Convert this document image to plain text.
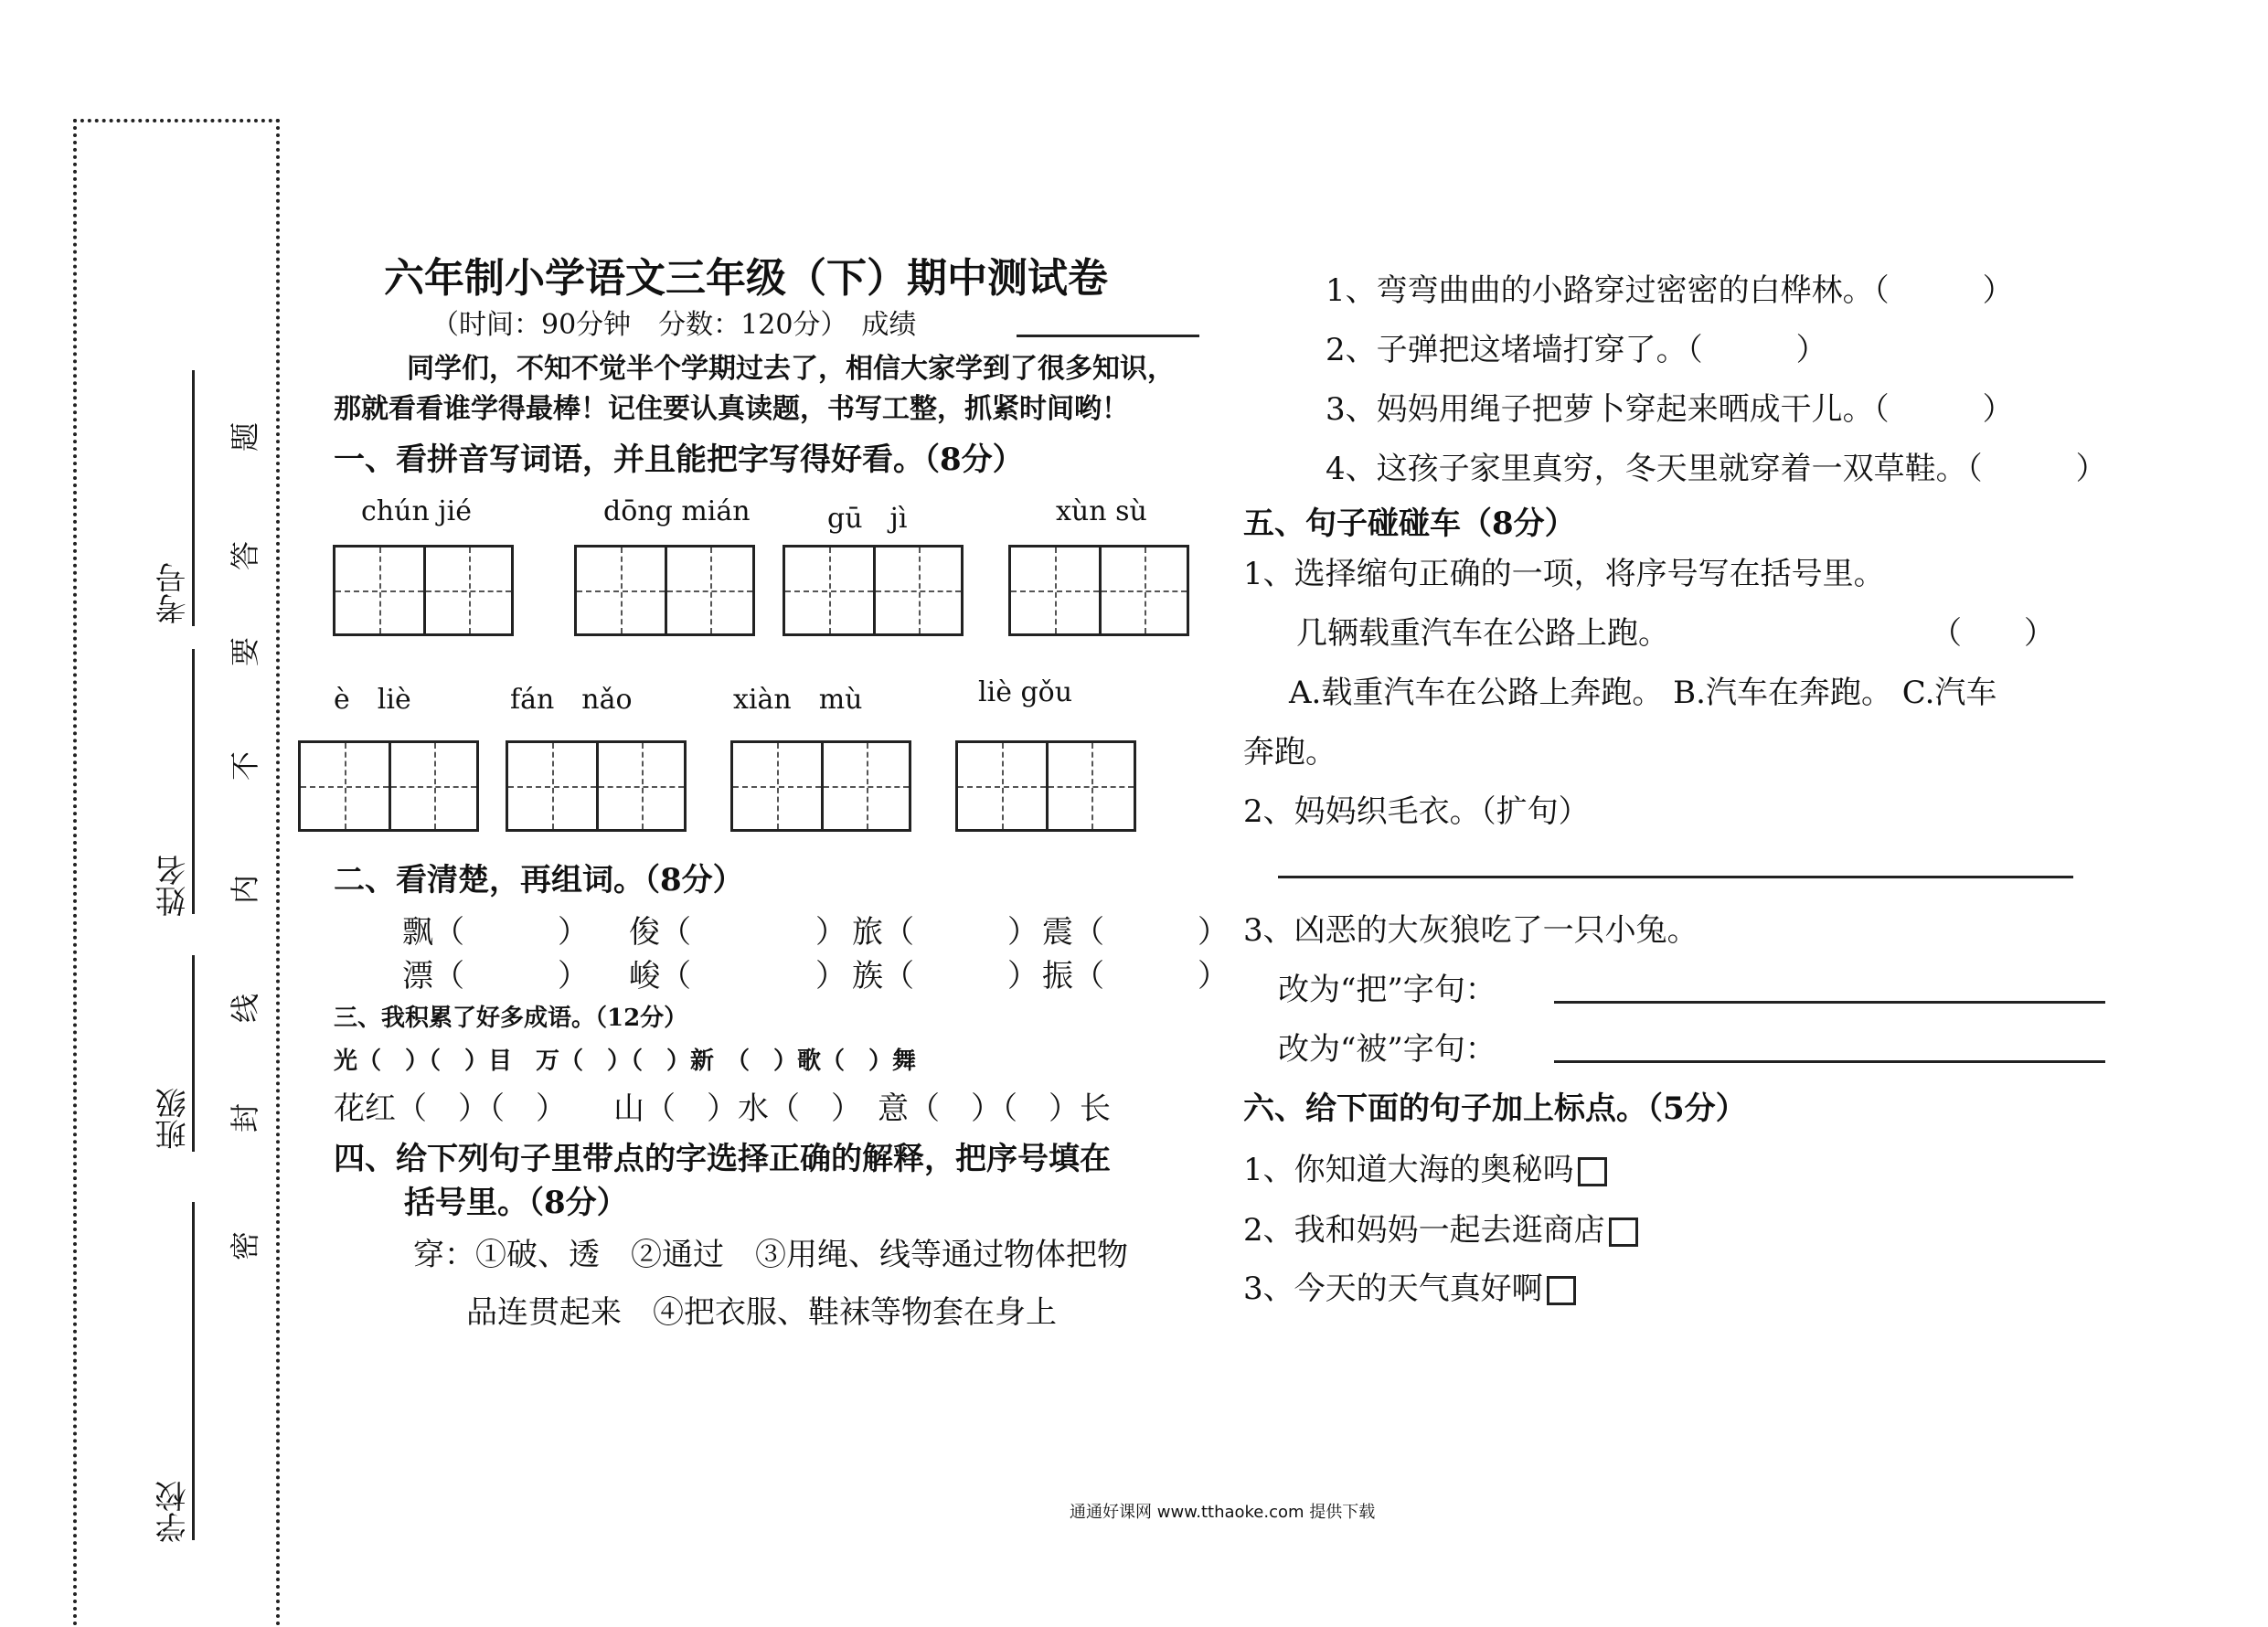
考号
姓名
班级
学校
题
答
要
不
内
线
封
密
六年制小学语文三年级（下）期中测试卷
（时间：90分钟　分数：120分）　成绩
同学们，不知不觉半个学期过去了，相信大家学到了很多知识，
那就看看谁学得最棒！记住要认真读题，书写工整，抓紧时间哟！
一、看拼音写词语，并且能把字写得好看。（8分）
chún jié	dōng mián	gū　jì	xùn sù
è　liè	fán　nǎo	xiàn　mù	liè gǒu
二、看清楚，再组词。（8分）
飘（　　　） 俊（　　　　） 旅（　　　） 震（　　　）
漂（　　　） 峻（　　　　） 族（　　　） 振（　　　）
三、我积累了好多成语。（12分）
光（　）（　）目　万（　）（　）新　（　）歌（　）舞
花红（　）（　）　　山（　）水（　）　意（　）（　）长
四、给下列句子里带点的字选择正确的解释，把序号填在
括号里。（8分）
穿：①破、透　②通过　③用绳、线等通过物体把物
品连贯起来　④把衣服、鞋袜等物套在身上
1、弯弯曲曲的小路穿过密密的白桦林。（　　　）
2、子弹把这堵墙打穿了。（　　　）
3、妈妈用绳子把萝卜穿起来晒成干儿。（　　　）
4、这孩子家里真穷，冬天里就穿着一双草鞋。（　　　）
五、句子碰碰车（8分）
1、选择缩句正确的一项，将序号写在括号里。
几辆载重汽车在公路上跑。	（　　）
A.载重汽车在公路上奔跑。 B.汽车在奔跑。 C.汽车
奔跑。
2、妈妈织毛衣。（扩句）
3、凶恶的大灰狼吃了一只小兔。
改为“把”字句：
改为“被”字句：
六、给下面的句子加上标点。（5分）
1、你知道大海的奥秘吗
2、我和妈妈一起去逛商店
3、今天的天气真好啊
通通好课网 www.tthaoke.com 提供下载
